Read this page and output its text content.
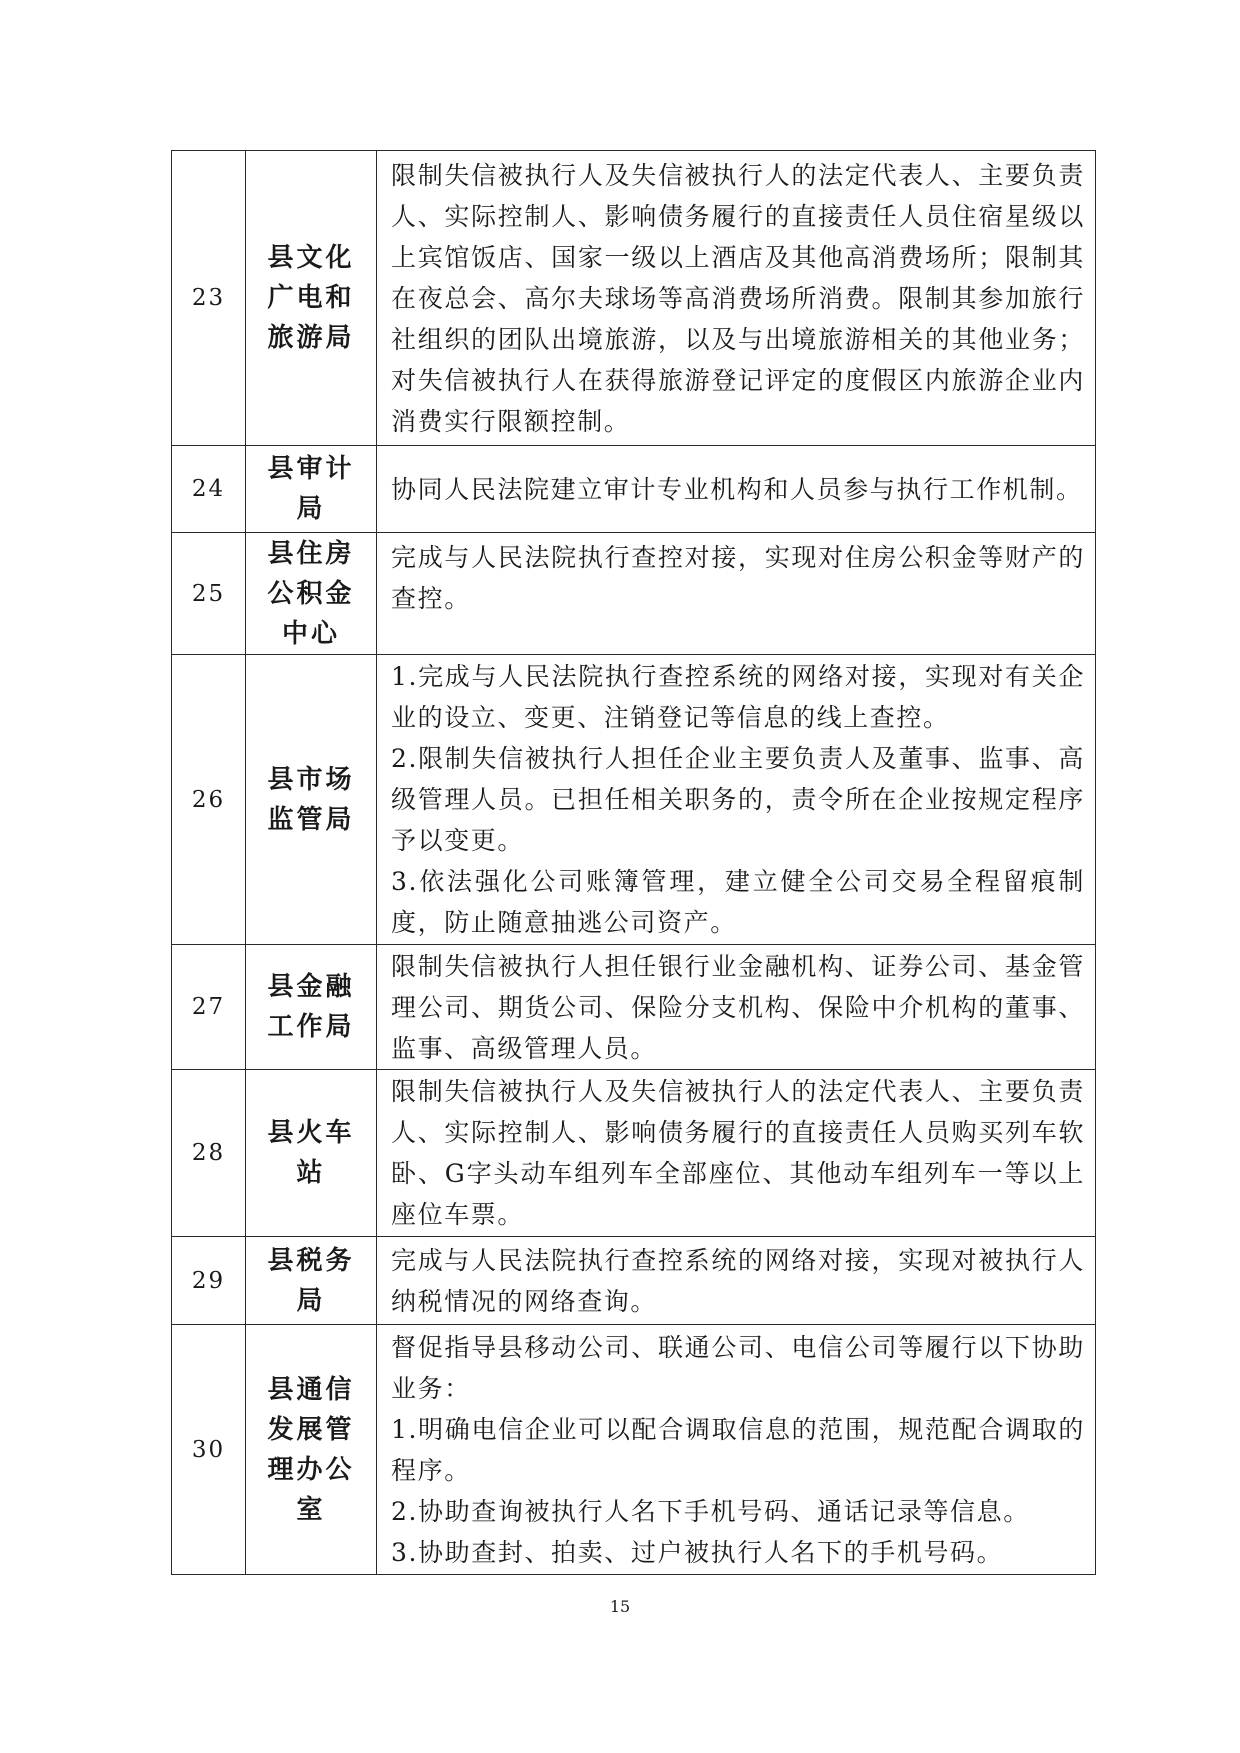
23	县文化广电和旅游局	限制失信被执行人及失信被执行人的法定代表人、主要负责人、实际控制人、影响债务履行的直接责任人员住宿星级以上宾馆饭店、国家一级以上酒店及其他高消费场所；限制其在夜总会、高尔夫球场等高消费场所消费。限制其参加旅行社组织的团队出境旅游，以及与出境旅游相关的其他业务；对失信被执行人在获得旅游登记评定的度假区内旅游企业内消费实行限额控制。

24	县审计局	协同人民法院建立审计专业机构和人员参与执行工作机制。

25	县住房公积金中心	完成与人民法院执行查控对接，实现对住房公积金等财产的查控。

26	县市场监管局	1.完成与人民法院执行查控系统的网络对接，实现对有关企业的设立、变更、注销登记等信息的线上查控。

2.限制失信被执行人担任企业主要负责人及董事、监事、高级管理人员。已担任相关职务的，责令所在企业按规定程序予以变更。

3.依法强化公司账簿管理，建立健全公司交易全程留痕制度，防止随意抽逃公司资产。

27	县金融工作局	限制失信被执行人担任银行业金融机构、证券公司、基金管理公司、期货公司、保险分支机构、保险中介机构的董事、监事、高级管理人员。

28	县火车站	限制失信被执行人及失信被执行人的法定代表人、主要负责人、实际控制人、影响债务履行的直接责任人员购买列车软卧、G字头动车组列车全部座位、其他动车组列车一等以上座位车票。

29	县税务局	完成与人民法院执行查控系统的网络对接，实现对被执行人纳税情况的网络查询。

30	县通信发展管理办公室	督促指导县移动公司、联通公司、电信公司等履行以下协助业务：

1.明确电信企业可以配合调取信息的范围，规范配合调取的程序。

2.协助查询被执行人名下手机号码、通话记录等信息。

3.协助查封、拍卖、过户被执行人名下的手机号码。

15
